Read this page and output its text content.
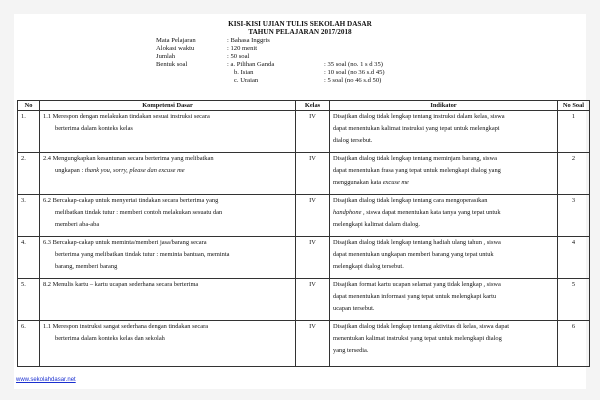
KISI-KISI UJIAN TULIS SEKOLAH DASAR
TAHUN PELAJARAN 2017/2018
Mata Pelajaran	: Bahasa Inggris
Alokasi waktu	: 120 menit
Jumlah	: 50 soal
Bentuk soal	: a. Pilihan Ganda	: 35 soal (no. 1 s d 35)
b. Isian	: 10 soal (no 36 s.d 45)
c. Uraian	: 5 soal (no 46 s.d 50)
No	Kompetensi Dasar	Kelas	Indikator	No Soal
1.	1.1 Merespon dengan melakukan tindakan sesuai instruksi secara
berterima dalam konteks kelas	IV	Disajikan dialog tidak lengkap tentang instruksi dalam kelas, siswa
dapat menentukan kalimat instruksi yang tepat untuk melengkapi
dialog tersebut.	1
2.	2.4 Mengungkapkan kesantunan secara berterima yang melibatkan
ungkapan : thank you, sorry, please dan excuse me	IV	Disajikan dialog tidak lengkap tentang meminjam barang, siswa
dapat menentukan frasa yang tepat untuk melengkapi dialog yang
menggunakan kata excuse me	2
3.	6.2 Bercakap-cakap untuk menyertai tindakan secara berterima yang
melibatkan tindak tutur : memberi contoh melakukan sesuatu dan
memberi aba-aba	IV	Disajikan dialog tidak lengkap tentang cara mengoperasikan
handphone , siswa dapat menentukan kata tanya yang tepat untuk
melengkapi kalimat dalam dialog.	3
4.	6.3 Bercakap-cakap untuk meminta/memberi jasa/barang secara
berterima yang melibatkan tindak tutur : meminta bantuan, meminta
barang, memberi barang	IV	Disajikan dialog tidak lengkap tentang hadiah ulang tahun , siswa
dapat menentukan ungkapan memberi barang yang tepat untuk
melengkapi dialog tersebut.	4
5.	8.2 Menulis kartu – kartu ucapan sederhana secara berterima	IV	Disajikan format kartu ucapan selamat yang tidak lengkap , siswa
dapat menentukan informasi yang tepat untuk melengkapi kartu
ucapan tersebut.	5
6.	1.1 Merespon instruksi sangat sederhana dengan tindakan secara
berterima dalam konteks kelas dan sekolah	IV	Disajikan dialog tidak lengkap tentang aktivitas di kelas, siswa dapat
menentukan kalimat instruksi yang tepat untuk melengkapi dialog
yang tersedia.	6
www.sekolahdasar.net
